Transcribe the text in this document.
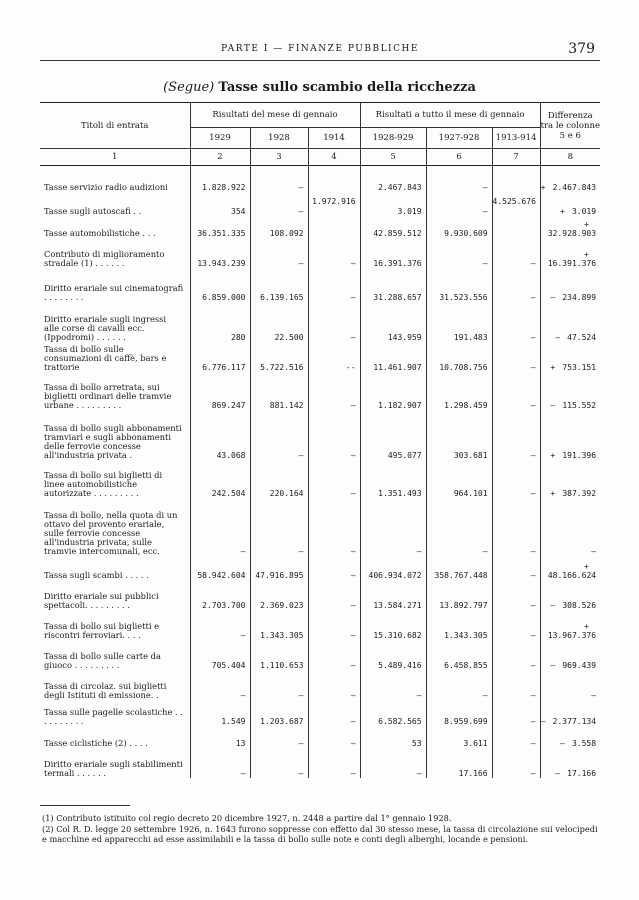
PARTE I — FINANZE PUBBLICHE	379
(Segue) Tasse sullo scambio della ricchezza
Titoli di entrata	Risultati del mese di gennaio			Risultati a tutto il mese di gennaio			Differenza tra le colonne 5 e 6
	1929	1928	1914	1928-929	1927-928	1913-914	
1	2	3	4	5	6	7	8
Tasse servizio radio audizioni	1.828.922	—	1.972.916	2.467.843	—	4.525.676	+ 2.467.843
Tasse sugli autoscafi . .	354	—		3.019	—		+ 3.019
Tasse automobilistiche . . .	36.351.335	108.092		42.859.512	9.930.609		+32.928.903
Contributo di miglioramento stradale (1) . . . . . .	13.943.239	—	—	16.391.376	—	—	+16.391.376
Diritto erariale sui cinematografi . . . . . . . .	6.859.000	6.139.165	—	31.288.657	31.523.556	—	— 234.899
Diritto erariale sugli ingressi alle corse di cavalli ecc. (Ippodromi) . . . . . .	280	22.500	—	143.959	191.483	—	— 47.524
Tassa di bollo sulle consumazioni di caffè, bars e trattorie	6.776.117	5.722.516	--	11.461.907	10.708.756	—	+ 753.151
Tassa di bollo arretrata, sui biglietti ordinari delle tramvie urbane . . . . . . . . .	869.247	881.142	—	1.182.907	1.298.459	—	— 115.552
Tassa di bollo sugli abbonamenti tramviari e sugli abbonamenti delle ferrovie concesse all'industria privata .	43.068	—	—	495.077	303.681	—	+ 191.396
Tassa di bollo sui biglietti di linee automobilistiche autorizzate . . . . . . . . .	242.504	220.164	—	1.351.493	964.101	—	+ 387.392
Tassa di bollo, nella quota di un ottavo del provento erariale, sulle ferrovie concesse all'industria privata, sulle tramvie intercomunali, ecc.	—	—	—	—	—	—	—
Tassa sugli scambi . . . . .	58.942.604	47.916.895	—	406.934.072	358.767.448	—	+48.166.624
Diritto erariale sui pubblici spettacoli. . . . . . . . .	2.703.700	2.369.023	—	13.584.271	13.892.797	—	— 308.526
Tassa di bollo sui biglietti e riscontri ferroviari. . . .	—	1.343.305	—	15.310.682	1.343.305	—	+13.967.376
Tassa di bollo sulle carte da giuoco . . . . . . . . .	705.404	1.110.653	—	5.489.416	6.458.855	—	— 969.439
Tassa di circolaz. sui biglietti degli Istituti di emissione. .	—	—	—	—	—	—	—
Tassa sulle pagelle scolastiche . . . . . . . . . .	1.549	1.203.687	—	6.582.565	8.959.699	—	— 2.377.134
Tasse ciclistiche (2) . . . .	13	—	—	53	3.611	—	— 3.558
Diritto erariale sugli stabilimenti termali . . . . . .	—	—	—	—	17.166	—	— 17.166

(1) Contributo istituito col regio decreto 20 dicembre 1927, n. 2448 a partire dal 1° gennaio 1928.

(2) Col R. D. legge 20 settembre 1926, n. 1643 furono soppresse con effetto dal 30 stesso mese, la tassa di circolazione sui velocipedi e macchine ed apparecchi ad esse assimilabili e la tassa di bollo sulle note e conti degli alberghi, locande e pensioni.
